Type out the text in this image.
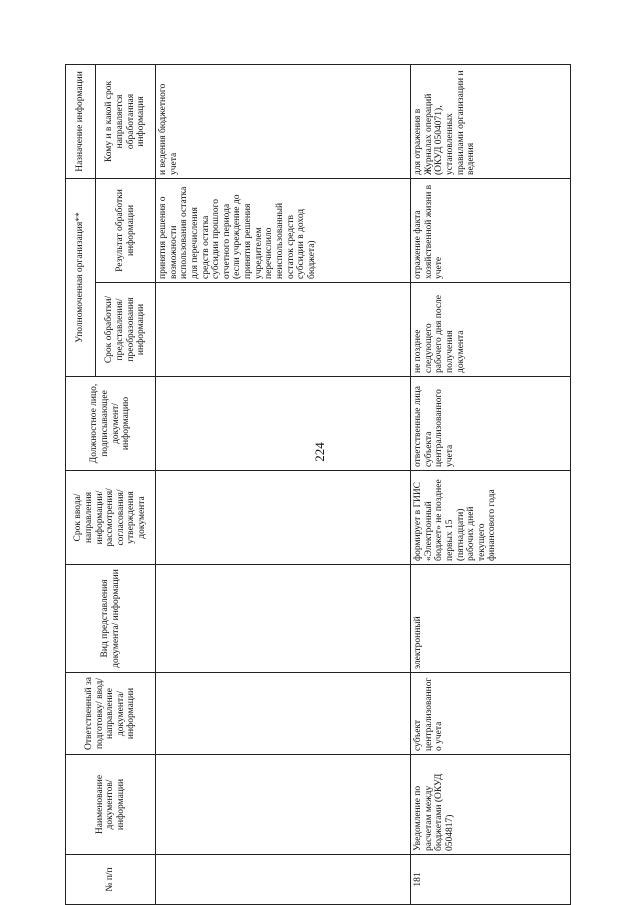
224
№ п/п	Наименование документов/информации	Ответственный за подготовку/ ввод/ направление документа/ информации	Вид представления документа/ информации	Срок ввода/ направления информации/ рассмотрения/ согласования/ утверждения документа	Должностное лицо, подписывающее документ/ информацию	Уполномоченная организация**		Назначение информации
						Срок обработки/ представления/ преобразования информации	Результат обработки информации	Кому и в какой срок направляется обработанная информация
							принятия решения о возможности использования остатка для перечисления средств остатка субсидии прошлого отчетного периода (если учреждение до принятия решения учредителем перечислило неиспользованный остаток средств субсидии в доход бюджета)	и ведения бюджетного учета
181	Уведомление по расчетам между бюджетами (ОКУД 0504817)	субъект централизованного учета	электронный	формирует в ГИИС «Электронный бюджет» не позднее первых 15 (пятнадцати) рабочих дней текущего финансового года	ответственные лица субъекта централизованного учета	не позднее следующего рабочего дня после получения документа	отражение факта хозяйственной жизни в учете	для отражения в Журналах операций (ОКУД 0504071), установленных правилами организации и ведения
